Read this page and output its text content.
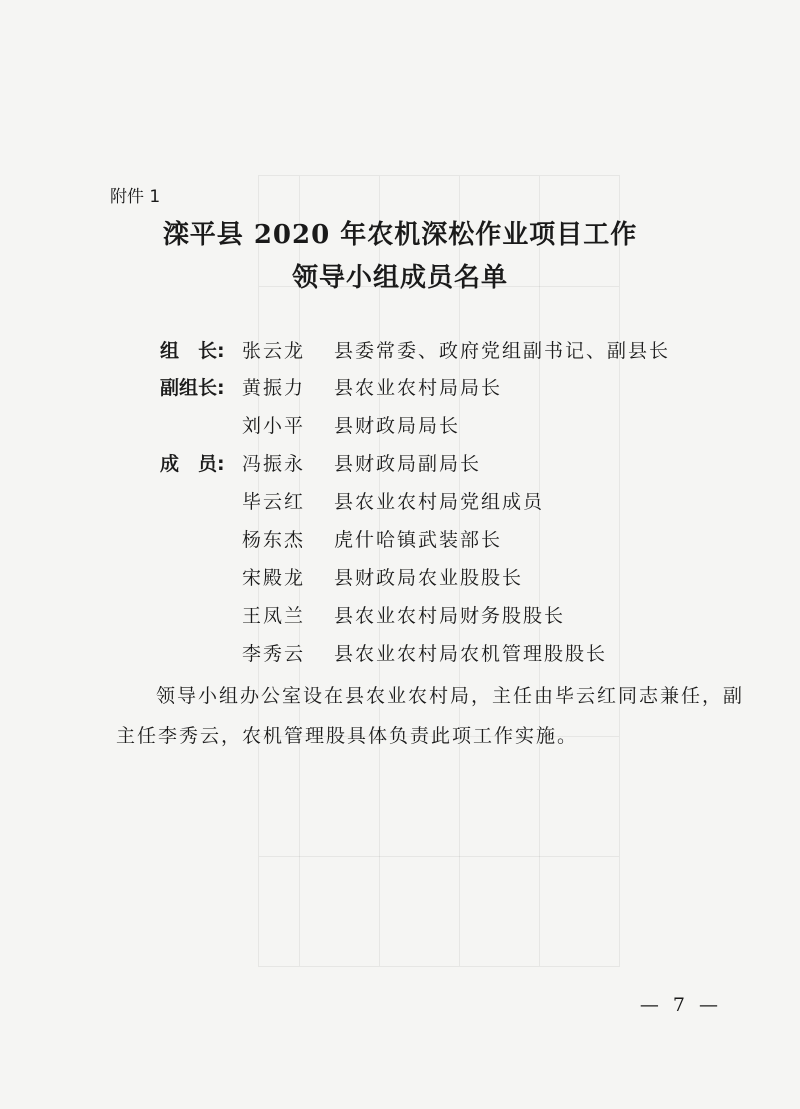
附件 1
滦平县 2020 年农机深松作业项目工作
领导小组成员名单
组　长: 张云龙 县委常委、政府党组副书记、副县长
副组长: 黄振力 县农业农村局局长
刘小平 县财政局局长
成　员: 冯振永 县财政局副局长
毕云红 县农业农村局党组成员
杨东杰 虎什哈镇武装部长
宋殿龙 县财政局农业股股长
王凤兰 县农业农村局财务股股长
李秀云 县农业农村局农机管理股股长
领导小组办公室设在县农业农村局，主任由毕云红同志兼任，副主任李秀云，农机管理股具体负责此项工作实施。
— 7 —
